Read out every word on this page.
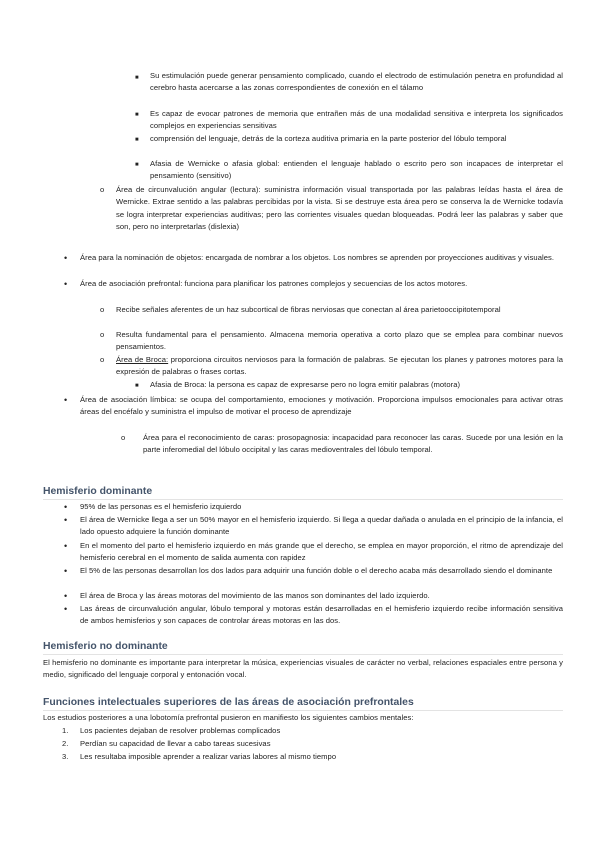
■ Su estimulación puede generar pensamiento complicado, cuando el electrodo de estimulación penetra en profundidad al cerebro hasta acercarse a las zonas correspondientes de conexión en el tálamo
■ Es capaz de evocar patrones de memoria que entrañen más de una modalidad sensitiva e interpreta los significados complejos en experiencias sensitivas
■ comprensión del lenguaje, detrás de la corteza auditiva primaria en la parte posterior del lóbulo temporal
■ Afasia de Wernicke o afasia global: entienden el lenguaje hablado o escrito pero son incapaces de interpretar el pensamiento (sensitivo)
o Área de circunvalución angular (lectura): suministra información visual transportada por las palabras leídas hasta el área de Wernicke. Extrae sentido a las palabras percibidas por la vista. Si se destruye esta área pero se conserva la de Wernicke todavía se logra interpretar experiencias auditivas; pero las corrientes visuales quedan bloqueadas. Podrá leer las palabras y saber que son, pero no interpretarlas (dislexia)
• Área para la nominación de objetos: encargada de nombrar a los objetos. Los nombres se aprenden por proyecciones auditivas y visuales.
• Área de asociación prefrontal: funciona para planificar los patrones complejos y secuencias de los actos motores.
o Recibe señales aferentes de un haz subcortical de fibras nerviosas que conectan al área parietooccipitotemporal
o Resulta fundamental para el pensamiento. Almacena memoria operativa a corto plazo que se emplea para combinar nuevos pensamientos.
o Área de Broca: proporciona circuitos nerviosos para la formación de palabras. Se ejecutan los planes y patrones motores para la expresión de palabras o frases cortas.
■ Afasia de Broca: la persona es capaz de expresarse pero no logra emitir palabras (motora)
• Área de asociación límbica: se ocupa del comportamiento, emociones y motivación. Proporciona impulsos emocionales para activar otras áreas del encéfalo y suministra el impulso de motivar el proceso de aprendizaje
o Área para el reconocimiento de caras: prosopagnosia: incapacidad para reconocer las caras. Sucede por una lesión en la parte inferomedial del lóbulo occipital y las caras medioventrales del lóbulo temporal.
Hemisferio dominante
• 95% de las personas es el hemisferio izquierdo
• El área de Wernicke llega a ser un 50% mayor en el hemisferio izquierdo. Si llega a quedar dañada o anulada en el principio de la infancia, el lado opuesto adquiere la función dominante
• En el momento del parto el hemisferio izquierdo en más grande que el derecho, se emplea en mayor proporción, el ritmo de aprendizaje del hemisferio cerebral en el momento de salida aumenta con rapidez
• El 5% de las personas desarrollan los dos lados para adquirir una función doble o el derecho acaba más desarrollado siendo el dominante
• El área de Broca y las áreas motoras del movimiento de las manos son dominantes del lado izquierdo.
• Las áreas de circunvalución angular, lóbulo temporal y motoras están desarrolladas en el hemisferio izquierdo recibe información sensitiva de ambos hemisferios y son capaces de controlar áreas motoras en las dos.
Hemisferio no dominante
El hemisferio no dominante es importante para interpretar la música, experiencias visuales de carácter no verbal, relaciones espaciales entre persona y medio, significado del lenguaje corporal y entonación vocal.
Funciones intelectuales superiores de las áreas de asociación prefrontales
Los estudios posteriores a una lobotomía prefrontal pusieron en manifiesto los siguientes cambios mentales:
1. Los pacientes dejaban de resolver problemas complicados
2. Perdían su capacidad de llevar a cabo tareas sucesivas
3. Les resultaba imposible aprender a realizar varias labores al mismo tiempo
